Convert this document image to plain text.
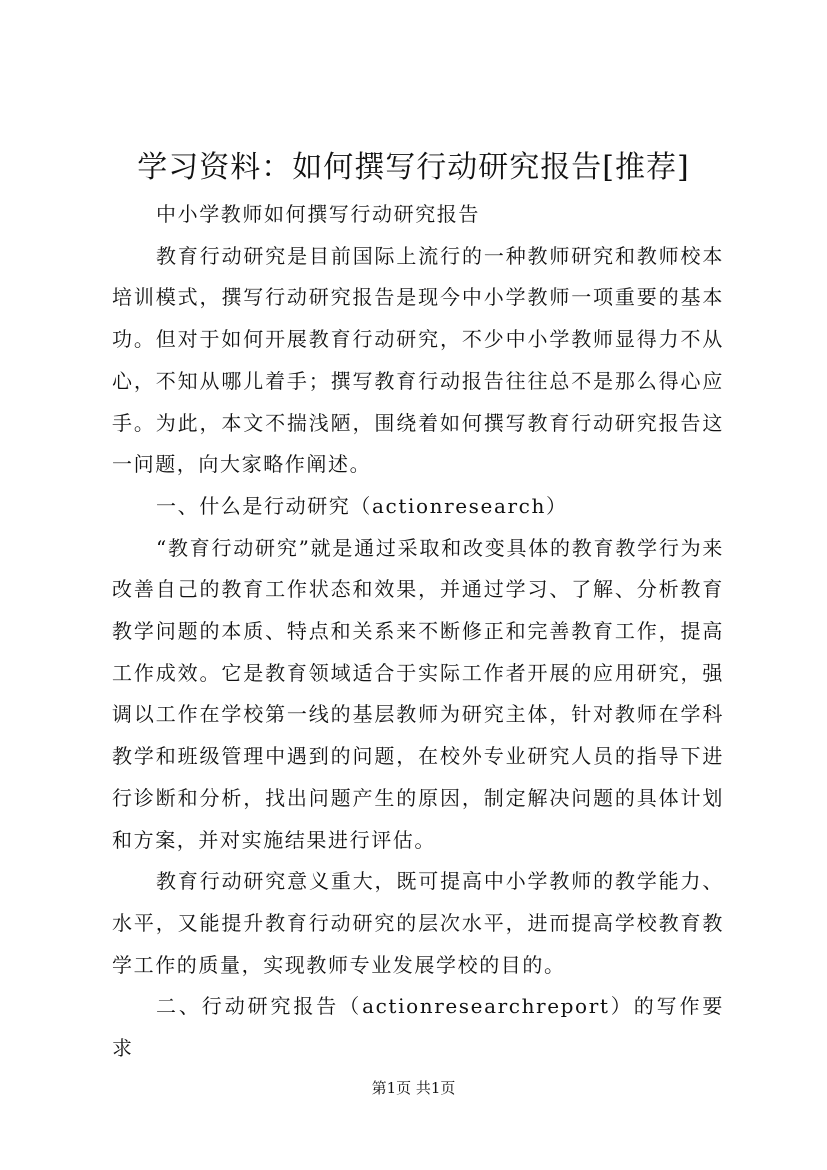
学习资料：如何撰写行动研究报告[推荐]

中小学教师如何撰写行动研究报告

教育行动研究是目前国际上流行的一种教师研究和教师校本培训模式，撰写行动研究报告是现今中小学教师一项重要的基本功。但对于如何开展教育行动研究，不少中小学教师显得力不从心，不知从哪儿着手；撰写教育行动报告往往总不是那么得心应手。为此，本文不揣浅陋，围绕着如何撰写教育行动研究报告这一问题，向大家略作阐述。

一、什么是行动研究（actionresearch）

“教育行动研究”就是通过采取和改变具体的教育教学行为来改善自己的教育工作状态和效果，并通过学习、了解、分析教育教学问题的本质、特点和关系来不断修正和完善教育工作，提高工作成效。它是教育领域适合于实际工作者开展的应用研究，强调以工作在学校第一线的基层教师为研究主体，针对教师在学科教学和班级管理中遇到的问题，在校外专业研究人员的指导下进行诊断和分析，找出问题产生的原因，制定解决问题的具体计划和方案，并对实施结果进行评估。

教育行动研究意义重大，既可提高中小学教师的教学能力、水平，又能提升教育行动研究的层次水平，进而提高学校教育教学工作的质量，实现教师专业发展学校的目的。

二、行动研究报告（actionresearchreport）的写作要求

第1页 共1页
